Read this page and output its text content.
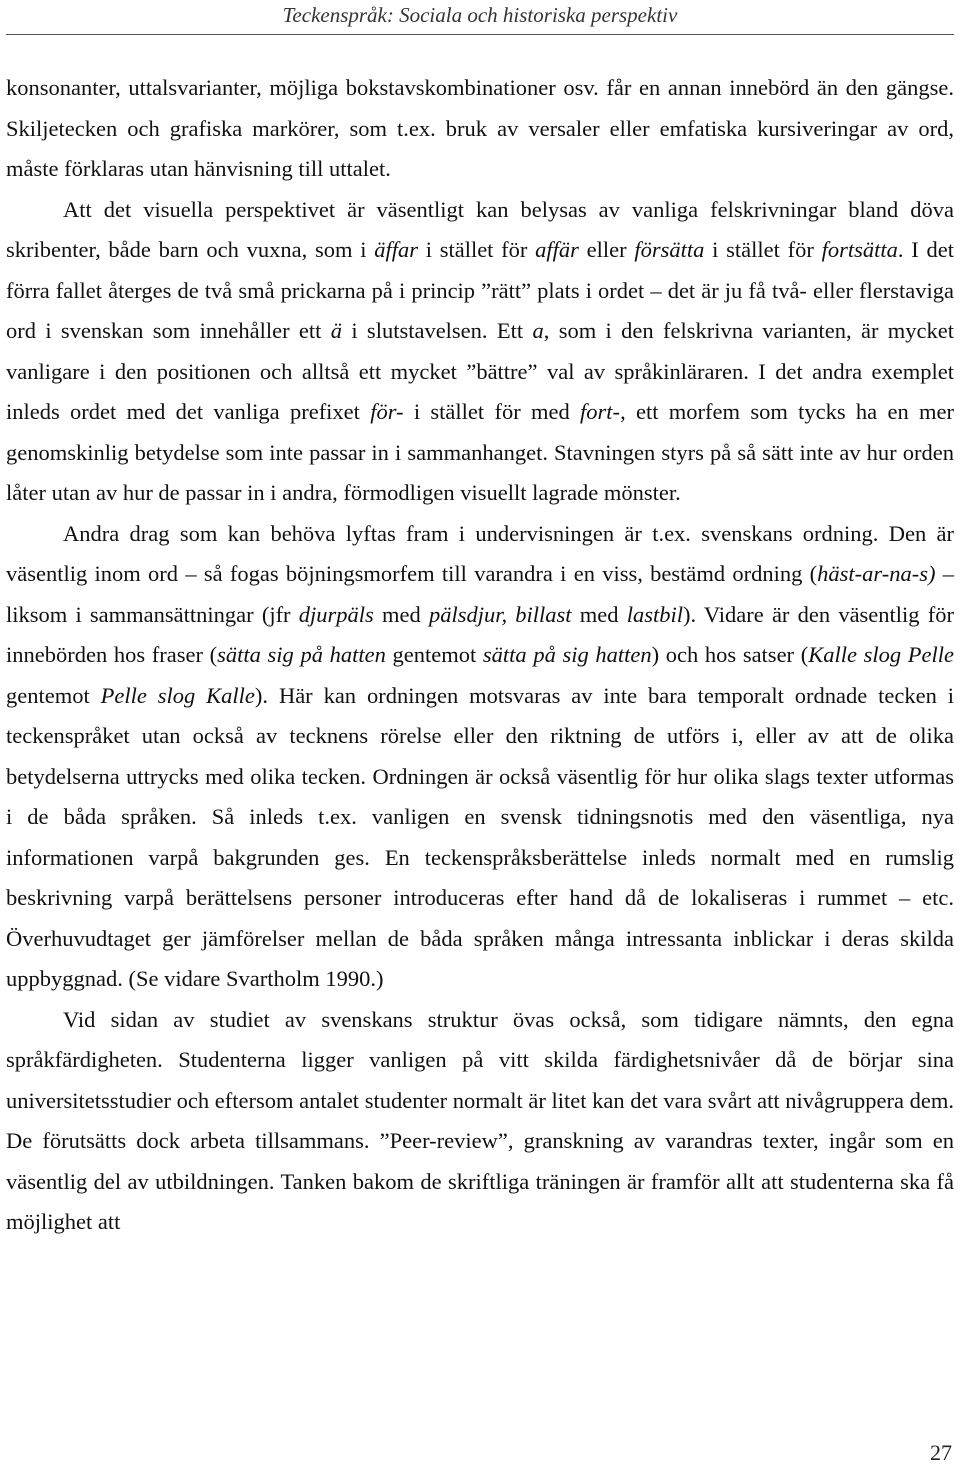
Teckenspråk: Sociala och historiska perspektiv

konsonanter, uttalsvarianter, möjliga bokstavskombinationer osv. får en annan innebörd än den gängse. Skiljetecken och grafiska markörer, som t.ex. bruk av versaler eller emfatiska kursiveringar av ord, måste förklaras utan hänvisning till uttalet.

Att det visuella perspektivet är väsentligt kan belysas av vanliga felskrivningar bland döva skribenter, både barn och vuxna, som i äffar i stället för affär eller försätta i stället för fortsätta. I det förra fallet återges de två små prickarna på i princip ”rätt” plats i ordet – det är ju få två- eller flerstaviga ord i svenskan som innehåller ett ä i slutstavelsen. Ett a, som i den felskrivna varianten, är mycket vanligare i den positionen och alltså ett mycket ”bättre” val av språkinläraren. I det andra exemplet inleds ordet med det vanliga prefixet för- i stället för med fort-, ett morfem som tycks ha en mer genomskinlig betydelse som inte passar in i sammanhanget. Stavningen styrs på så sätt inte av hur orden låter utan av hur de passar in i andra, förmodligen visuellt lagrade mönster.

Andra drag som kan behöva lyftas fram i undervisningen är t.ex. svenskans ordning. Den är väsentlig inom ord – så fogas böjningsmorfem till varandra i en viss, bestämd ordning (häst-ar-na-s) – liksom i sammansättningar (jfr djurpäls med pälsdjur, billast med lastbil). Vidare är den väsentlig för innebörden hos fraser (sätta sig på hatten gentemot sätta på sig hatten) och hos satser (Kalle slog Pelle gentemot Pelle slog Kalle). Här kan ordningen motsvaras av inte bara temporalt ordnade tecken i teckenspråket utan också av tecknens rörelse eller den riktning de utförs i, eller av att de olika betydelserna uttrycks med olika tecken. Ordningen är också väsentlig för hur olika slags texter utformas i de båda språken. Så inleds t.ex. vanligen en svensk tidningsnotis med den väsentliga, nya informationen varpå bakgrunden ges. En teckenspråksberättelse inleds normalt med en rumslig beskrivning varpå berättelsens personer introduceras efter hand då de lokaliseras i rummet – etc. Överhuvudtaget ger jämförelser mellan de båda språken många intressanta inblickar i deras skilda uppbyggnad. (Se vidare Svartholm 1990.)

Vid sidan av studiet av svenskans struktur övas också, som tidigare nämnts, den egna språkfärdigheten. Studenterna ligger vanligen på vitt skilda färdighetsnivåer då de börjar sina universitetsstudier och eftersom antalet studenter normalt är litet kan det vara svårt att nivågruppera dem. De förutsätts dock arbeta tillsammans. ”Peer-review”, granskning av varandras texter, ingår som en väsentlig del av utbildningen. Tanken bakom de skriftliga träningen är framför allt att studenterna ska få möjlighet att

27
